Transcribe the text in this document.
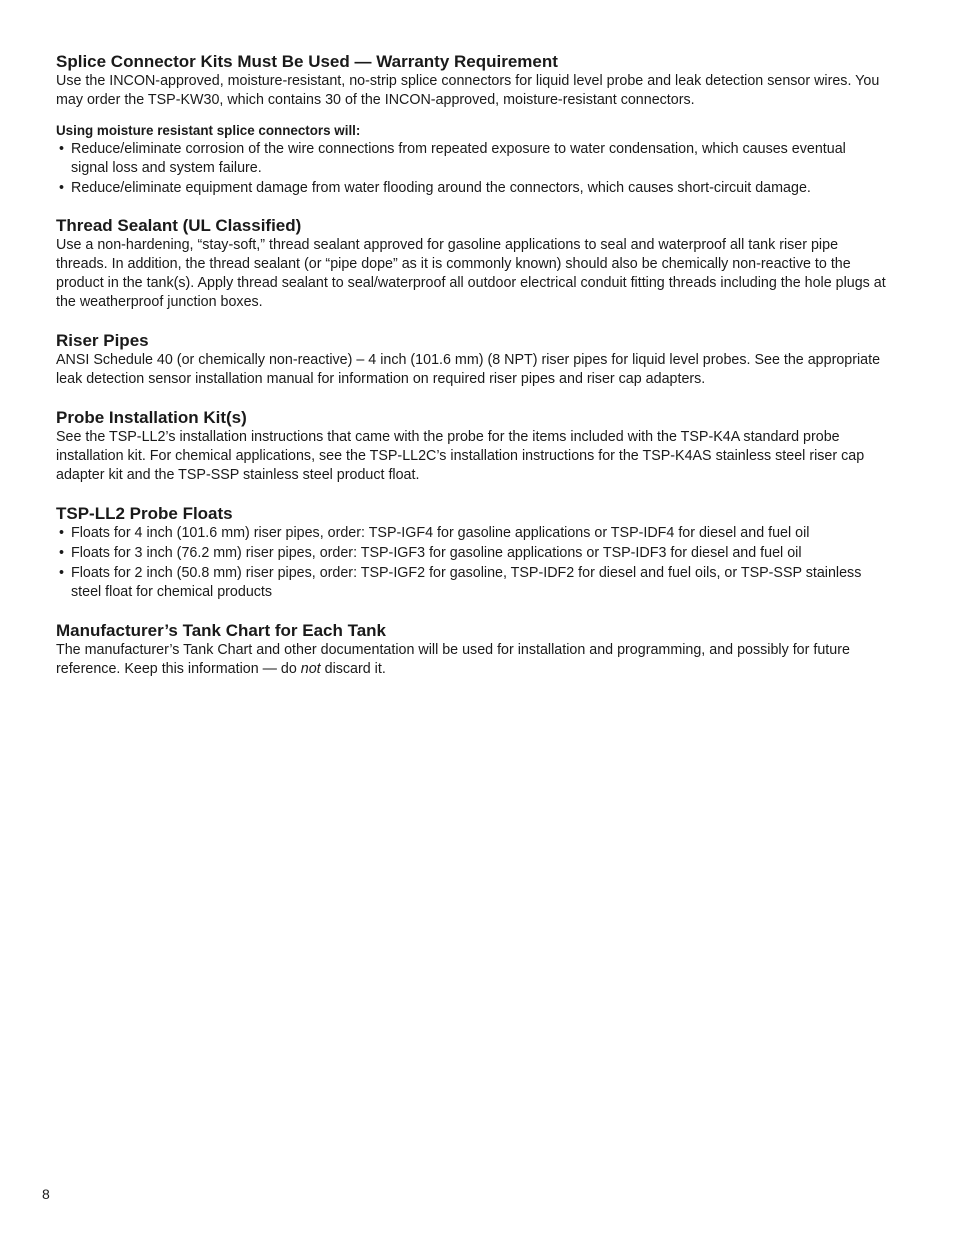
Splice Connector Kits Must Be Used — Warranty Requirement

Use the INCON-approved, moisture-resistant, no-strip splice connectors for liquid level probe and leak detection sensor wires. You may order the TSP-KW30, which contains 30 of the INCON-approved, moisture-resistant connectors.

Using moisture resistant splice connectors will:

• Reduce/eliminate corrosion of the wire connections from repeated exposure to water condensation, which causes eventual signal loss and system failure.
• Reduce/eliminate equipment damage from water flooding around the connectors, which causes short-circuit damage.
Thread Sealant (UL Classified)

Use a non-hardening, “stay-soft,” thread sealant approved for gasoline applications to seal and waterproof all tank riser pipe threads. In addition, the thread sealant (or “pipe dope” as it is commonly known) should also be chemically non-reactive to the product in the tank(s). Apply thread sealant to seal/waterproof all outdoor electrical conduit fitting threads including the hole plugs at the weatherproof junction boxes.

Riser Pipes

ANSI Schedule 40 (or chemically non-reactive) – 4 inch (101.6 mm) (8 NPT) riser pipes for liquid level probes. See the appropriate leak detection sensor installation manual for information on required riser pipes and riser cap adapters.

Probe Installation Kit(s)

See the TSP-LL2’s installation instructions that came with the probe for the items included with the TSP-K4A standard probe installation kit. For chemical applications, see the TSP-LL2C’s installation instructions for the TSP-K4AS stainless steel riser cap adapter kit and the TSP-SSP stainless steel product float.

TSP-LL2 Probe Floats
• Floats for 4 inch (101.6 mm) riser pipes, order: TSP-IGF4 for gasoline applications or TSP-IDF4 for diesel and fuel oil
• Floats for 3 inch (76.2 mm) riser pipes, order: TSP-IGF3 for gasoline applications or TSP-IDF3 for diesel and fuel oil
• Floats for 2 inch (50.8 mm) riser pipes, order: TSP-IGF2 for gasoline, TSP-IDF2 for diesel and fuel oils, or TSP-SSP stainless steel float for chemical products
Manufacturer’s Tank Chart for Each Tank

The manufacturer’s Tank Chart and other documentation will be used for installation and programming, and possibly for future reference. Keep this information — do not discard it.

8
